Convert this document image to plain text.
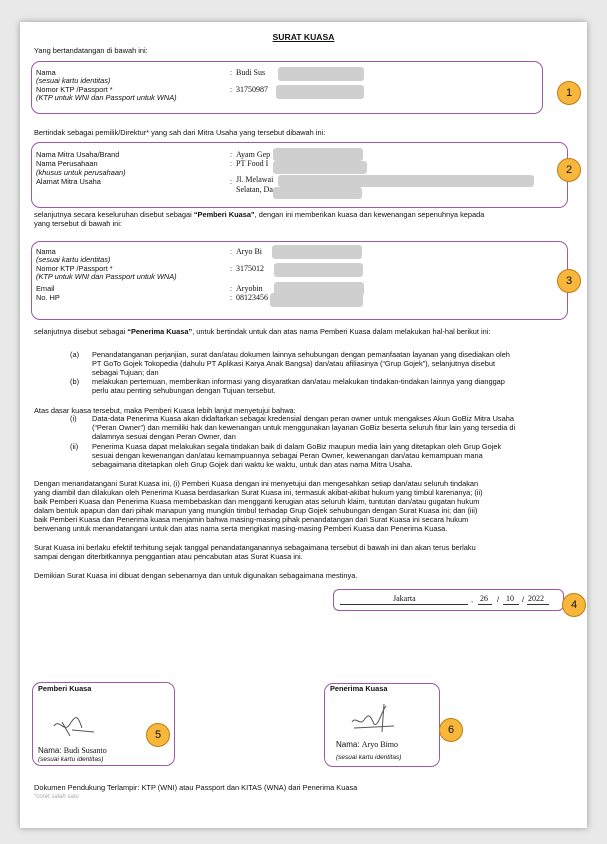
SURAT KUASA
Yang bertandatangan di bawah ini:
Nama
(sesuai kartu identitas)
Nomor KTP /Passport *
(KTP untuk WNI dan Passport untuk WNA)
:
:
Budi Sus
31750987	1
Bertindak sebagai pemilik/Direktur* yang sah dari Mitra Usaha yang tersebut dibawah ini:
Nama Mitra Usaha/Brand
Nama Perusahaan
(khusus untuk perusahaan)
Alamat Mitra Usaha
:
:
:
Ayam Gep
PT Food I
Jl. Melawai
Selatan, Da
2
selanjutnya secara keseluruhan disebut sebagai “Pemberi Kuasa”, dengan ini memberikan kuasa dan kewenangan sepenuhnya kepada
yang tersebut di bawah ini:
Nama
(sesuai kartu identitas)
Nomor KTP /Passport *
(KTP untuk WNI dan Passport untuk WNA)
Email
No. HP
:
:
:
:
Aryo Bi
3175012
Aryobin
08123456
3
selanjutnya disebut sebagai “Penerima Kuasa”, untuk bertindak untuk dan atas nama Pemberi Kuasa dalam melakukan hal-hal berikut ini:
(a) Penandatanganan perjanjian, surat dan/atau dokumen lainnya sehubungan dengan pemanfaatan layanan yang disediakan oleh
PT GoTo Gojek Tokopedia (dahulu PT Aplikasi Karya Anak Bangsa) dan/atau afiliasinya (“Grup Gojek”), selanjutnya disebut
sebagai Tujuan; dan
(b) melakukan pertemuan, memberikan informasi yang disyaratkan dan/atau melakukan tindakan-tindakan lainnya yang dianggap
perlu atau penting sehubungan dengan Tujuan tersebut.
Atas dasar kuasa tersebut, maka Pemberi Kuasa lebih lanjut menyetujui bahwa:
(i) Data-data Penerima Kuasa akan didaftarkan sebagai kredensial dengan peran owner untuk mengakses Akun GoBiz Mitra Usaha
(“Peran Owner”) dan memiliki hak dan kewenangan untuk menggunakan layanan GoBiz beserta seluruh fitur lain yang tersedia di
dalamnya sesuai dengan Peran Owner, dan
(ii) Penerima Kuasa dapat melakukan segala tindakan baik di dalam GoBiz maupun media lain yang ditetapkan oleh Grup Gojek
sesuai dengan kewenangan dan/atau kemampuannya sebagai Peran Owner, kewenangan dan/atau kemampuan mana
sebagaimana ditetapkan oleh Grup Gojek dari waktu ke waktu, untuk dan atas nama Mitra Usaha.
Dengan menandatangani Surat Kuasa ini, (i) Pemberi Kuasa dengan ini menyetujui dan mengesahkan setiap dan/atau seluruh tindakan
yang diambil dan dilakukan oleh Penerima Kuasa berdasarkan Surat Kuasa ini, termasuk akibat-akibat hukum yang timbul karenanya; (ii)
baik Pemberi Kuasa dan Penerima Kuasa membebaskan dan mengganti kerugian atas seluruh klaim, tuntutan dan/atau gugatan hukum
dalam bentuk apapun dan dari pihak manapun yang mungkin timbul terhadap Grup Gojek sehubungan dengan Surat Kuasa ini; dan (iii)
baik Pemberi Kuasa dan Penerima kuasa menjamin bahwa masing-masing pihak penandatangan dari Surat Kuasa ini secara hukum
berwenang untuk menandatangani untuk dan atas nama serta mengikat masing-masing Pemberi Kuasa dan Penerima Kuasa.
Surat Kuasa ini berlaku efektif terhitung sejak tanggal penandatanganannya sebagaimana tersebut di bawah ini dan akan terus berlaku
sampai dengan diterbitkannya penggantian atau pencabutan atas Surat Kuasa ini.
Demikian Surat Kuasa ini dibuat dengan sebenarnya dan untuk digunakan sebagaimana mestinya.
Jakarta	, 26 / 10 / 2022
4
Pemberi Kuasa
Nama: Budi Susanto
(sesuai kartu identitas)
5
Penerima Kuasa
Nama: Aryo Bimo
(sesuai kartu identitas)
6
Dokumen Pendukung Terlampir: KTP (WNI) atau Passport dan KITAS (WNA) dari Penerima Kuasa
*coret salah satu
